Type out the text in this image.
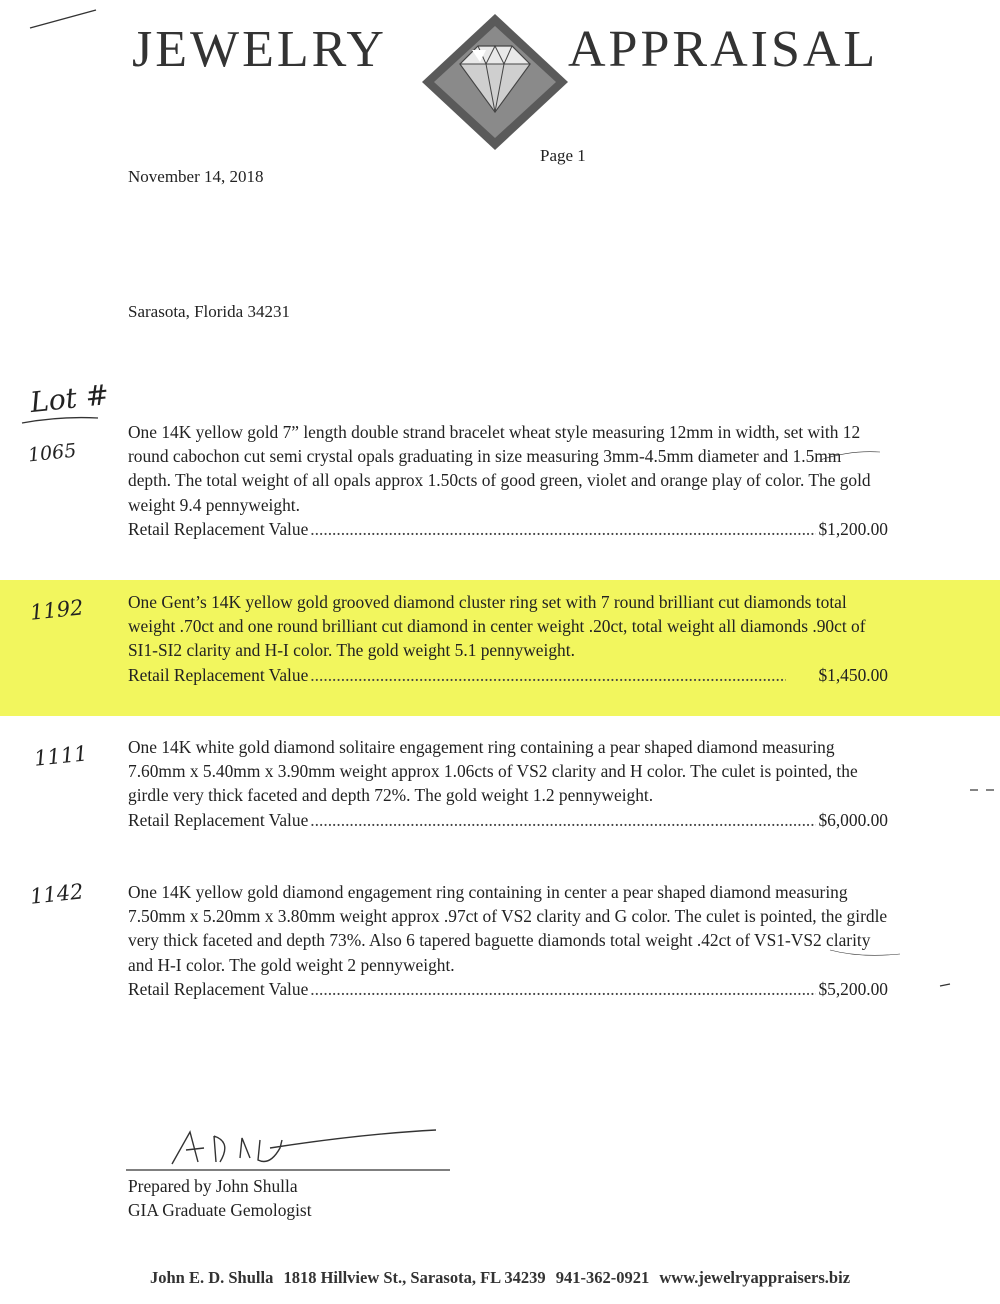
JEWELRY	APPRAISAL
Page 1
November 14, 2018
Sarasota, Florida 34231
Lot #
1065
1192
1111
1142

One 14K yellow gold 7” length double strand bracelet wheat style measuring 12mm in width, set with 12 round cabochon cut semi crystal opals graduating in size measuring 3mm-4.5mm diameter and 1.5mm depth. The total weight of all opals approx 1.50cts of good green, violet and orange play of color. The gold weight 9.4 pennyweight.

Retail Replacement Value .....	$1,200.00

One Gent’s 14K yellow gold grooved diamond cluster ring set with 7 round brilliant cut diamonds total weight .70ct and one round brilliant cut diamond in center weight .20ct, total weight all diamonds .90ct of SI1-SI2 clarity and H-I color. The gold weight 5.1 pennyweight.

Retail Replacement Value .....	$1,450.00

One 14K white gold diamond solitaire engagement ring containing a pear shaped diamond measuring 7.60mm x 5.40mm x 3.90mm weight approx 1.06cts of VS2 clarity and H color. The culet is pointed, the girdle very thick faceted and depth 72%. The gold weight 1.2 pennyweight.

Retail Replacement Value .....	$6,000.00

One 14K yellow gold diamond engagement ring containing in center a pear shaped diamond measuring 7.50mm x 5.20mm x 3.80mm weight approx .97ct of VS2 clarity and G color. The culet is pointed, the girdle very thick faceted and depth 73%. Also 6 tapered baguette diamonds total weight .42ct of VS1-VS2 clarity and H-I color. The gold weight 2 pennyweight.

Retail Replacement Value .....	$5,200.00
Prepared by John Shulla
GIA Graduate Gemologist
John E. D. Shulla 1818 Hillview St., Sarasota, FL 34239 941-362-0921 www.jewelryappraisers.biz
